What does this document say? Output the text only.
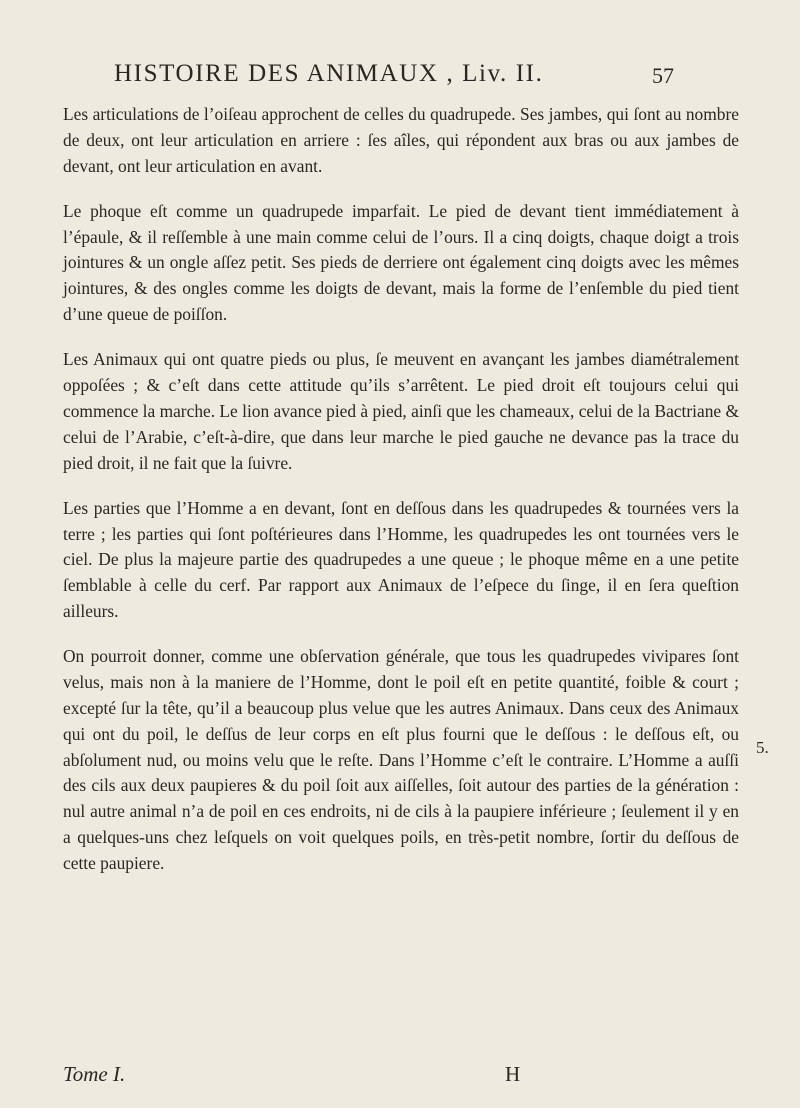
HISTOIRE DES ANIMAUX , Liv. II.	57

Les articulations de l’oiſeau approchent de celles du quadrupede. Ses jambes, qui ſont au nombre de deux, ont leur articulation en arriere : ſes aîles, qui répondent aux bras ou aux jambes de devant, ont leur articulation en avant.

Le phoque eſt comme un quadrupede imparfait. Le pied de devant tient immédiatement à l’épaule, & il reſſemble à une main comme celui de l’ours. Il a cinq doigts, chaque doigt a trois jointures & un ongle aſſez petit. Ses pieds de derriere ont également cinq doigts avec les mêmes jointures, & des ongles comme les doigts de devant, mais la forme de l’enſemble du pied tient d’une queue de poiſſon.

Les Animaux qui ont quatre pieds ou plus, ſe meuvent en avançant les jambes diamétralement oppoſées ; & c’eſt dans cette attitude qu’ils s’arrêtent. Le pied droit eſt toujours celui qui commence la marche. Le lion avance pied à pied, ainſi que les chameaux, celui de la Bactriane & celui de l’Arabie, c’eſt-à-dire, que dans leur marche le pied gauche ne devance pas la trace du pied droit, il ne fait que la ſuivre.

Les parties que l’Homme a en devant, ſont en deſſous dans les quadrupedes & tournées vers la terre ; les parties qui ſont poſtérieures dans l’Homme, les quadrupedes les ont tournées vers le ciel. De plus la majeure partie des quadrupedes a une queue ; le phoque même en a une petite ſemblable à celle du cerf. Par rapport aux Animaux de l’eſpece du ſinge, il en ſera queſtion ailleurs.

On pourroit donner, comme une obſervation générale, que tous les quadrupedes vivipares ſont velus, mais non à la maniere de l’Homme, dont le poil eſt en petite quantité, foible & court ; excepté ſur la tête, qu’il a beaucoup plus velue que les autres Animaux. Dans ceux des Animaux qui ont du poil, le deſſus de leur corps en eſt plus fourni que le deſſous : le deſſous eſt, ou abſolument nud, ou moins velu que le reſte. Dans l’Homme c’eſt le contraire. L’Homme a auſſi des cils aux deux paupieres & du poil ſoit aux aiſſelles, ſoit autour des parties de la génération : nul autre animal n’a de poil en ces endroits, ni de cils à la paupiere inférieure ; ſeulement il y en a quelques-uns chez leſquels on voit quelques poils, en très-petit nombre, ſortir du deſſous de cette paupiere.

5.
Tome I.	H
